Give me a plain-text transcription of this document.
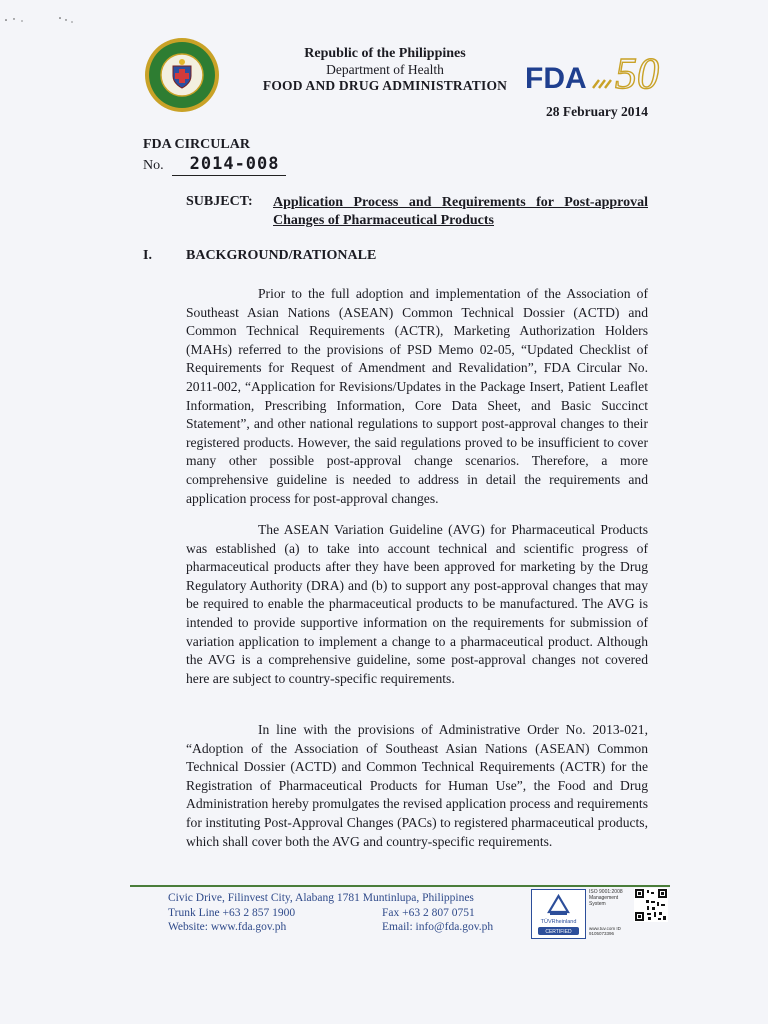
Republic of the Philippines
Department of Health
FOOD AND DRUG ADMINISTRATION FDA 50
28 February 2014
FDA CIRCULAR
No.	2014-008
SUBJECT:	Application Process and Requirements for Post-approval Changes of Pharmaceutical Products
I.	BACKGROUND/RATIONALE

Prior to the full adoption and implementation of the Association of Southeast Asian Nations (ASEAN) Common Technical Dossier (ACTD) and Common Technical Requirements (ACTR), Marketing Authorization Holders (MAHs) referred to the provisions of PSD Memo 02-05, “Updated Checklist of Requirements for Request of Amendment and Revalidation”, FDA Circular No. 2011-002, “Application for Revisions/Updates in the Package Insert, Patient Leaflet Information, Prescribing Information, Core Data Sheet, and Basic Succinct Statement”, and other national regulations to support post-approval changes to their registered products. However, the said regulations proved to be insufficient to cover many other possible post-approval change scenarios. Therefore, a more comprehensive guideline is needed to address in detail the requirements and application process for post-approval changes.

The ASEAN Variation Guideline (AVG) for Pharmaceutical Products was established (a) to take into account technical and scientific progress of pharmaceutical products after they have been approved for marketing by the Drug Regulatory Authority (DRA) and (b) to support any post-approval changes that may be required to enable the pharmaceutical products to be manufactured. The AVG is intended to provide supportive information on the requirements for submission of variation application to implement a change to a pharmaceutical product. Although the AVG is a comprehensive guideline, some post-approval changes not covered here are subject to country-specific requirements.

In line with the provisions of Administrative Order No. 2013-021, “Adoption of the Association of Southeast Asian Nations (ASEAN) Common Technical Dossier (ACTD) and Common Technical Requirements (ACTR) for the Registration of Pharmaceutical Products for Human Use”, the Food and Drug Administration hereby promulgates the revised application process and requirements for instituting Post-Approval Changes (PACs) to registered pharmaceutical products, which shall cover both the AVG and country-specific requirements.

Civic Drive, Filinvest City, Alabang 1781 Muntinlupa, Philippines
Trunk Line +63 2 857 1900	Fax +63 2 807 0751
Website: www.fda.gov.ph	Email: info@fda.gov.ph	TÜVRheinland
CERTIFIED
ISO 9001:2008 Management System
www.tuv.com ID 9105073396
